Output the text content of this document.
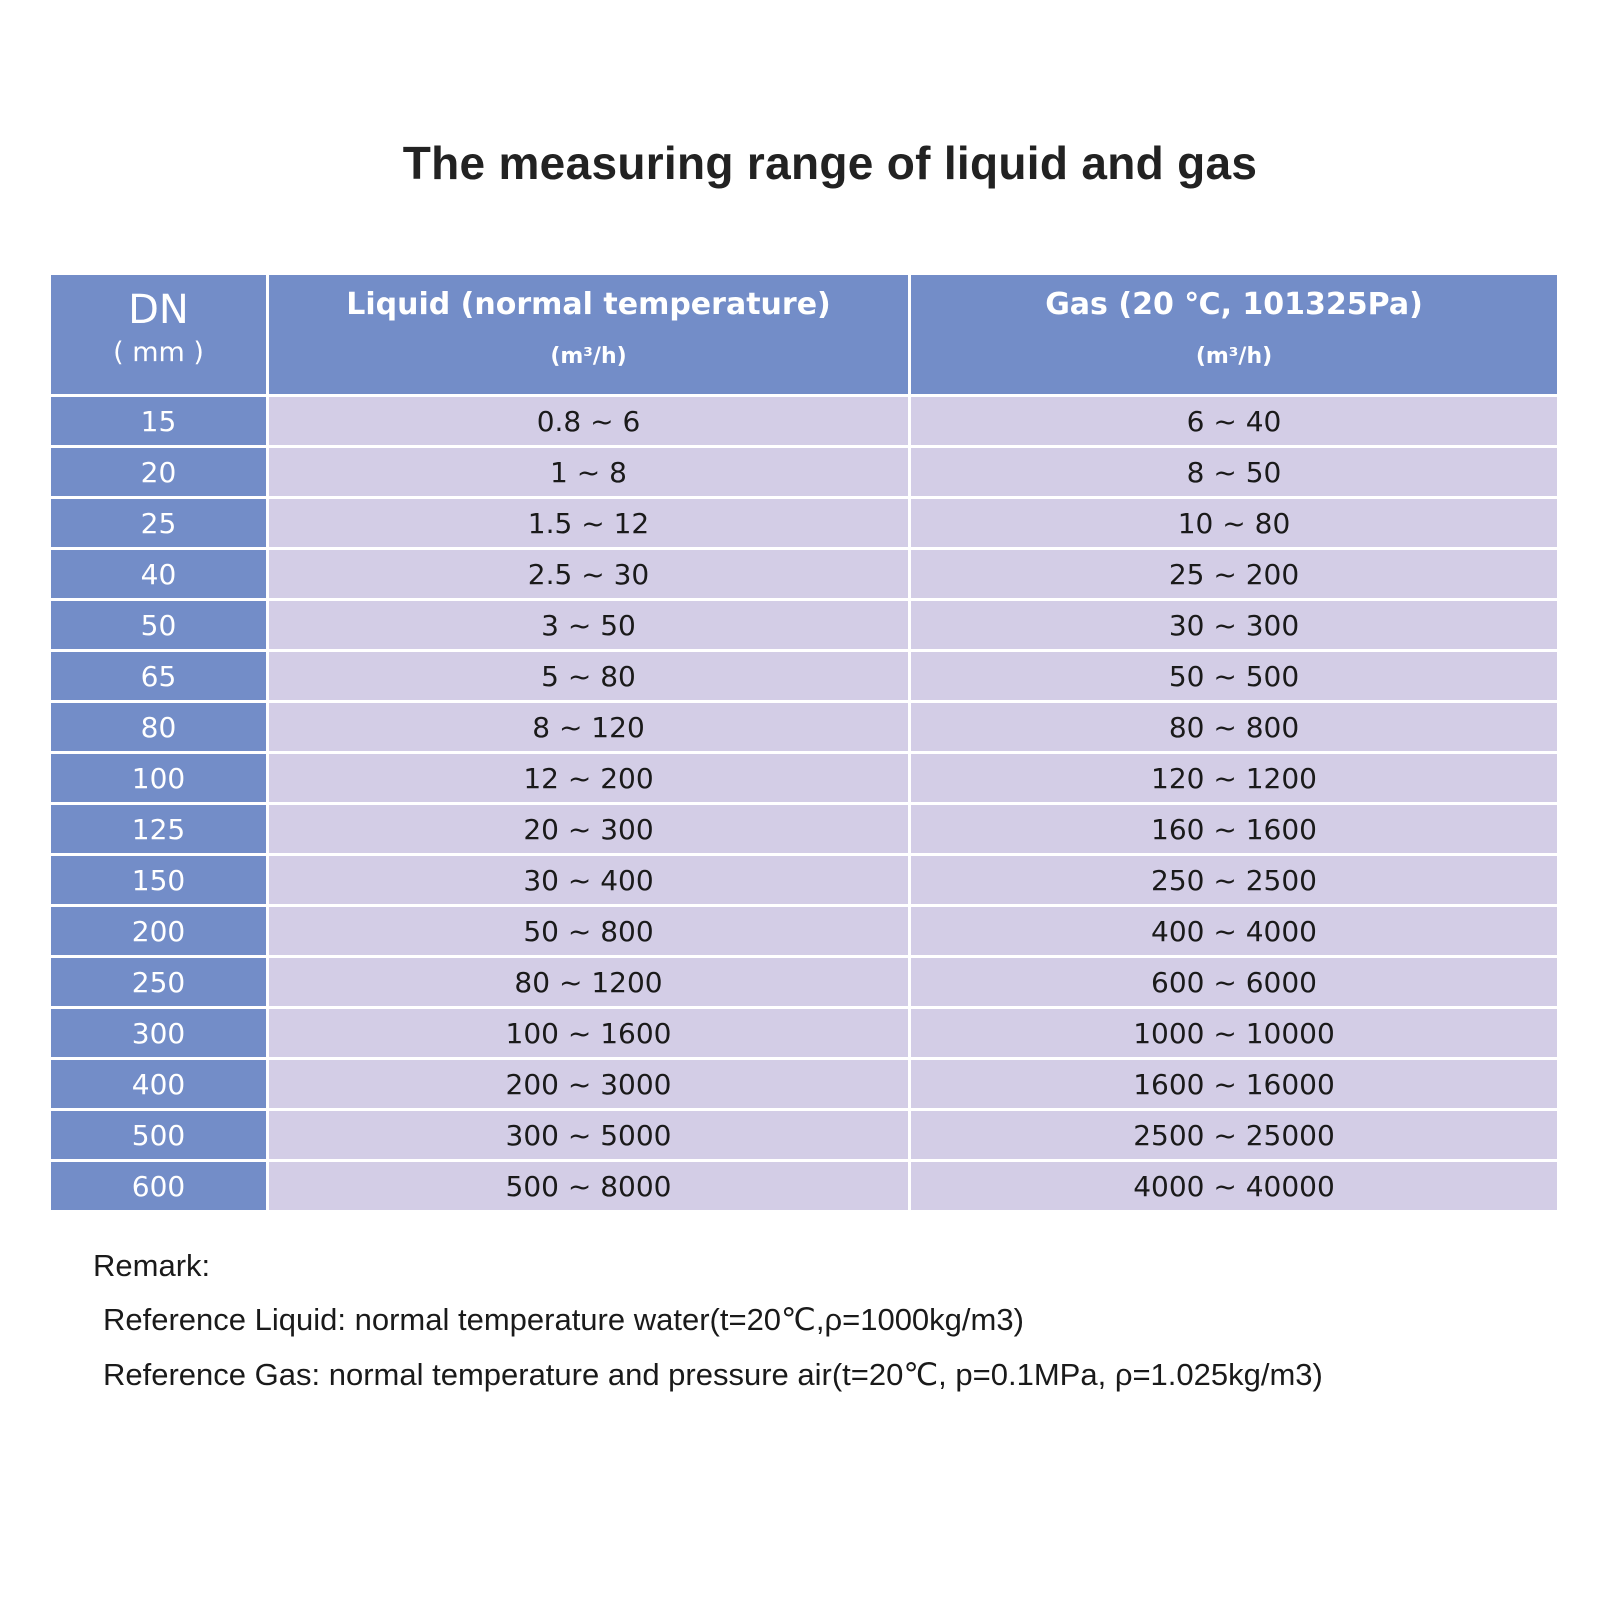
The measuring range of liquid and gas
DN
( mm )
Liquid (normal temperature)
(m³/h)
Gas (20 ℃, 101325Pa)
(m³/h)
15	0.8 ~ 6	6 ~ 40
20	1 ~ 8	8 ~ 50
25	1.5 ~ 12	10 ~ 80
40	2.5 ~ 30	25 ~ 200
50	3 ~ 50	30 ~ 300
65	5 ~ 80	50 ~ 500
80	8 ~ 120	80 ~ 800
100	12 ~ 200	120 ~ 1200
125	20 ~ 300	160 ~ 1600
150	30 ~ 400	250 ~ 2500
200	50 ~ 800	400 ~ 4000
250	80 ~ 1200	600 ~ 6000
300	100 ~ 1600	1000 ~ 10000
400	200 ~ 3000	1600 ~ 16000
500	300 ~ 5000	2500 ~ 25000
600	500 ~ 8000	4000 ~ 40000
Remark:
Reference Liquid: normal temperature water(t=20℃,ρ=1000kg/m3)
Reference Gas: normal temperature and pressure air(t=20℃, p=0.1MPa, ρ=1.025kg/m3)
